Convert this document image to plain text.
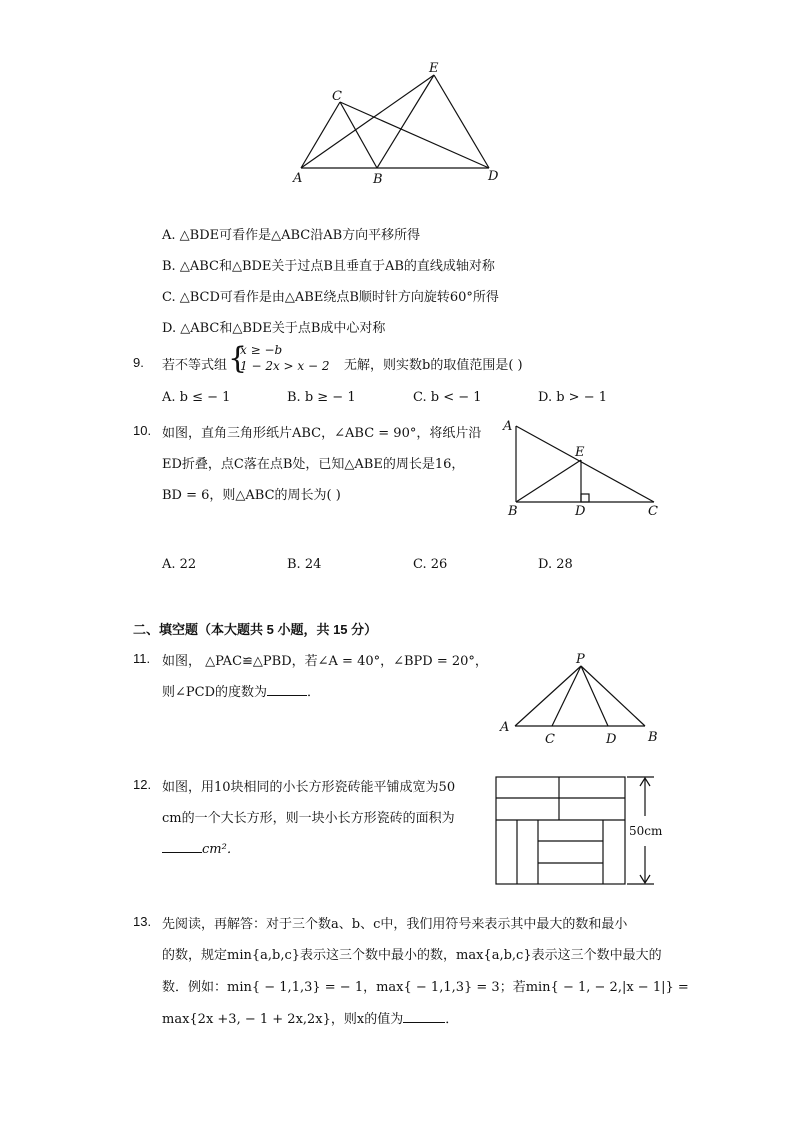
E
C
A	B	D
A. △BDE可看作是△ABC沿AB方向平移所得
B. △ABC和△BDE关于过点B且垂直于AB的直线成轴对称
C. △BCD可看作是由△ABE绕点B顺时针方向旋转60°所得
D. △ABC和△BDE关于点B成中心对称
9. 若不等式组 {
x ≥ −b
1 − 2x > x − 2 无解，则实数b的取值范围是( )
A. b ≤ − 1	B. b ≥ − 1	C. b < − 1	D. b > − 1
10. 如图，直角三角形纸片ABC，∠ABC = 90°，将纸片沿
ED折叠，点C落在点B处，已知△ABE的周长是16，
BD = 6，则△ABC的周长为( )
A
E
B	D	C
A. 22	B. 24	C. 26	D. 28
二、填空题（本大题共 5 小题，共 15 分）
11. 如图， △PAC≌△PBD，若∠A = 40°，∠BPD = 20°，
则∠PCD的度数为	．
P
A
C	D B
12. 如图，用10块相同的小长方形瓷砖能平铺成宽为50
cm的一个大长方形，则一块小长方形瓷砖的面积为
cm²．
50cm
13. 先阅读，再解答：对于三个数a、b、c中，我们用符号来表示其中最大的数和最小
的数，规定min{a,b,c}表示这三个数中最小的数，max{a,b,c}表示这三个数中最大的
数．例如：min{ − 1,1,3} = − 1，max{ − 1,1,3} = 3；若min{ − 1, − 2,|x − 1|} =
max{2x +3, − 1 + 2x,2x}，则x的值为	．
